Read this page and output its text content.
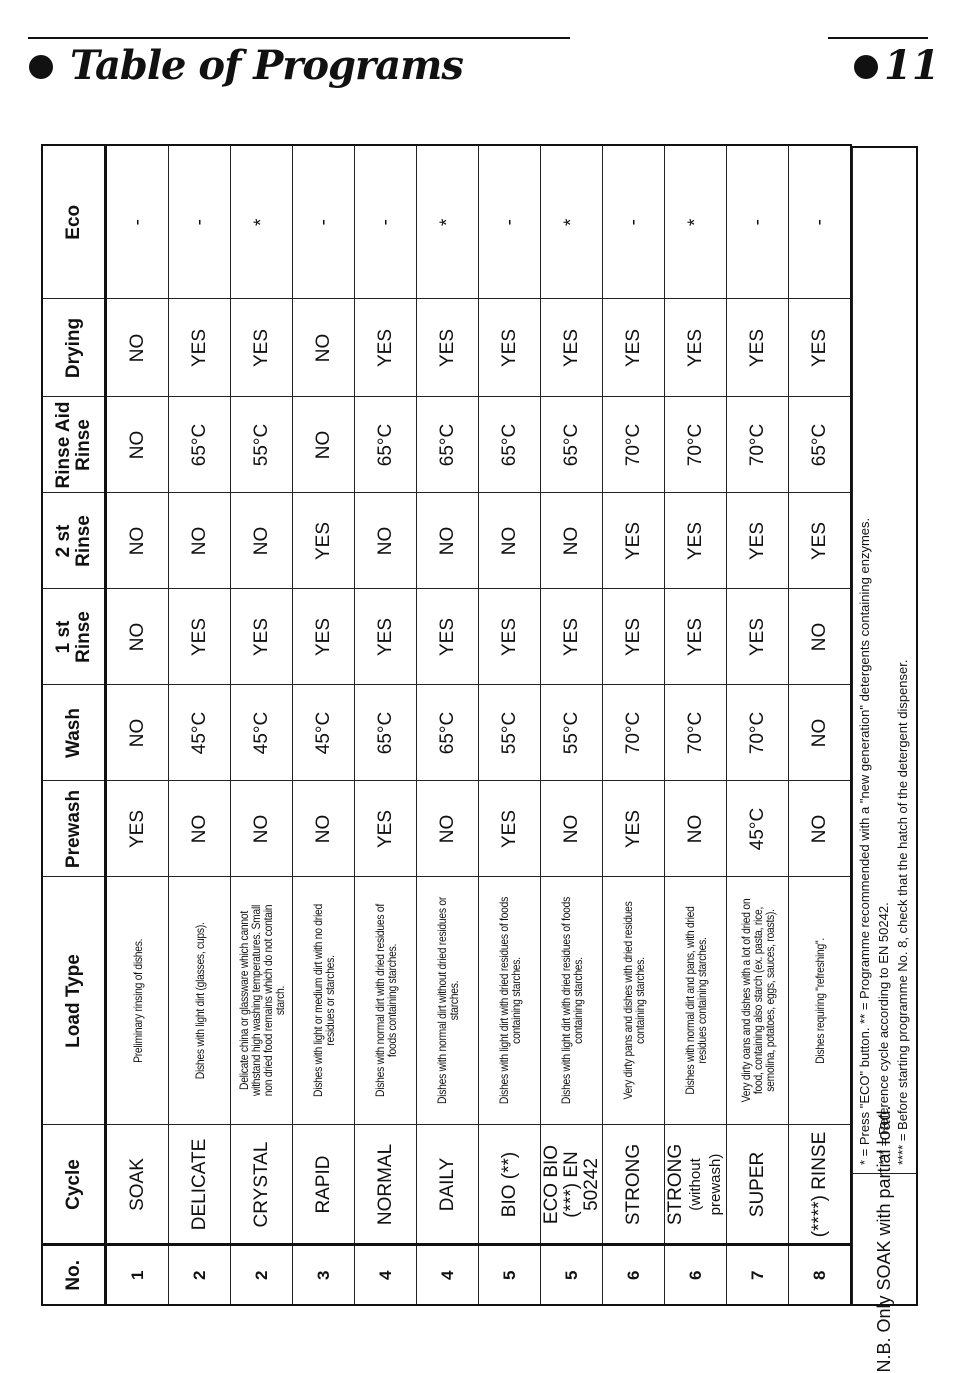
Table of Programs	11
No.	Cycle	Load Type	Prewash	Wash	1 st Rinse	2 st Rinse	Rinse Aid Rinse	Drying	Eco
1	SOAK	Preliminary rinsing of dishes.	YES	NO	NO	NO	NO	NO	-
2	DELICATE	Dishes with light dirt (glasses, cups).	NO	45°C	YES	NO	65°C	YES	-
2	CRYSTAL	Delicate china or glassware which cannot withstand high washing temperatures. Small non dried food remains which do not contain starch.	NO	45°C	YES	NO	55°C	YES	*
3	RAPID	Dishes with light or medium dirt with no dried residues or starches.	NO	45°C	YES	YES	NO	NO	-
4	NORMAL	Dishes with normal dirt with dried residues of foods containing starches.	YES	65°C	YES	NO	65°C	YES	-
4	DAILY	Dishes with normal dirt without dried residues or starches.	NO	65°C	YES	NO	65°C	YES	*
5	BIO (**)	Dishes with light dirt with dried residues of foods containing starches.	YES	55°C	YES	NO	65°C	YES	-
5	ECO BIO (***) EN 50242	Dishes with light dirt with dried residues of foods containing starches.	NO	55°C	YES	NO	65°C	YES	*
6	STRONG	Very dirty pans and dishes with dried residues containing starches.	YES	70°C	YES	YES	70°C	YES	-
6	STRONG (without prewash)	Dishes with normal dirt and pans, with dried residues containing starches.	NO	70°C	YES	YES	70°C	YES	*
7	SUPER	Very dirty oans and dishes with a lot of dried on food, containing also starch (ex. pasta, rice, semolina, potatoes, eggs, sauces, roasts).	45°C	70°C	YES	YES	70°C	YES	-
8	(****) RINSE	Dishes requiring "refreshing".	NO	NO	NO	YES	65°C	YES	-
N.B. Only SOAK with partial load.
* = Press "ECO" button. ** = Programme recommended with a "new generation" detergents containing enzymes. *** = Reference cycle according to EN 50242. **** = Before starting programme No. 8, check that the hatch of the detergent dispenser.
